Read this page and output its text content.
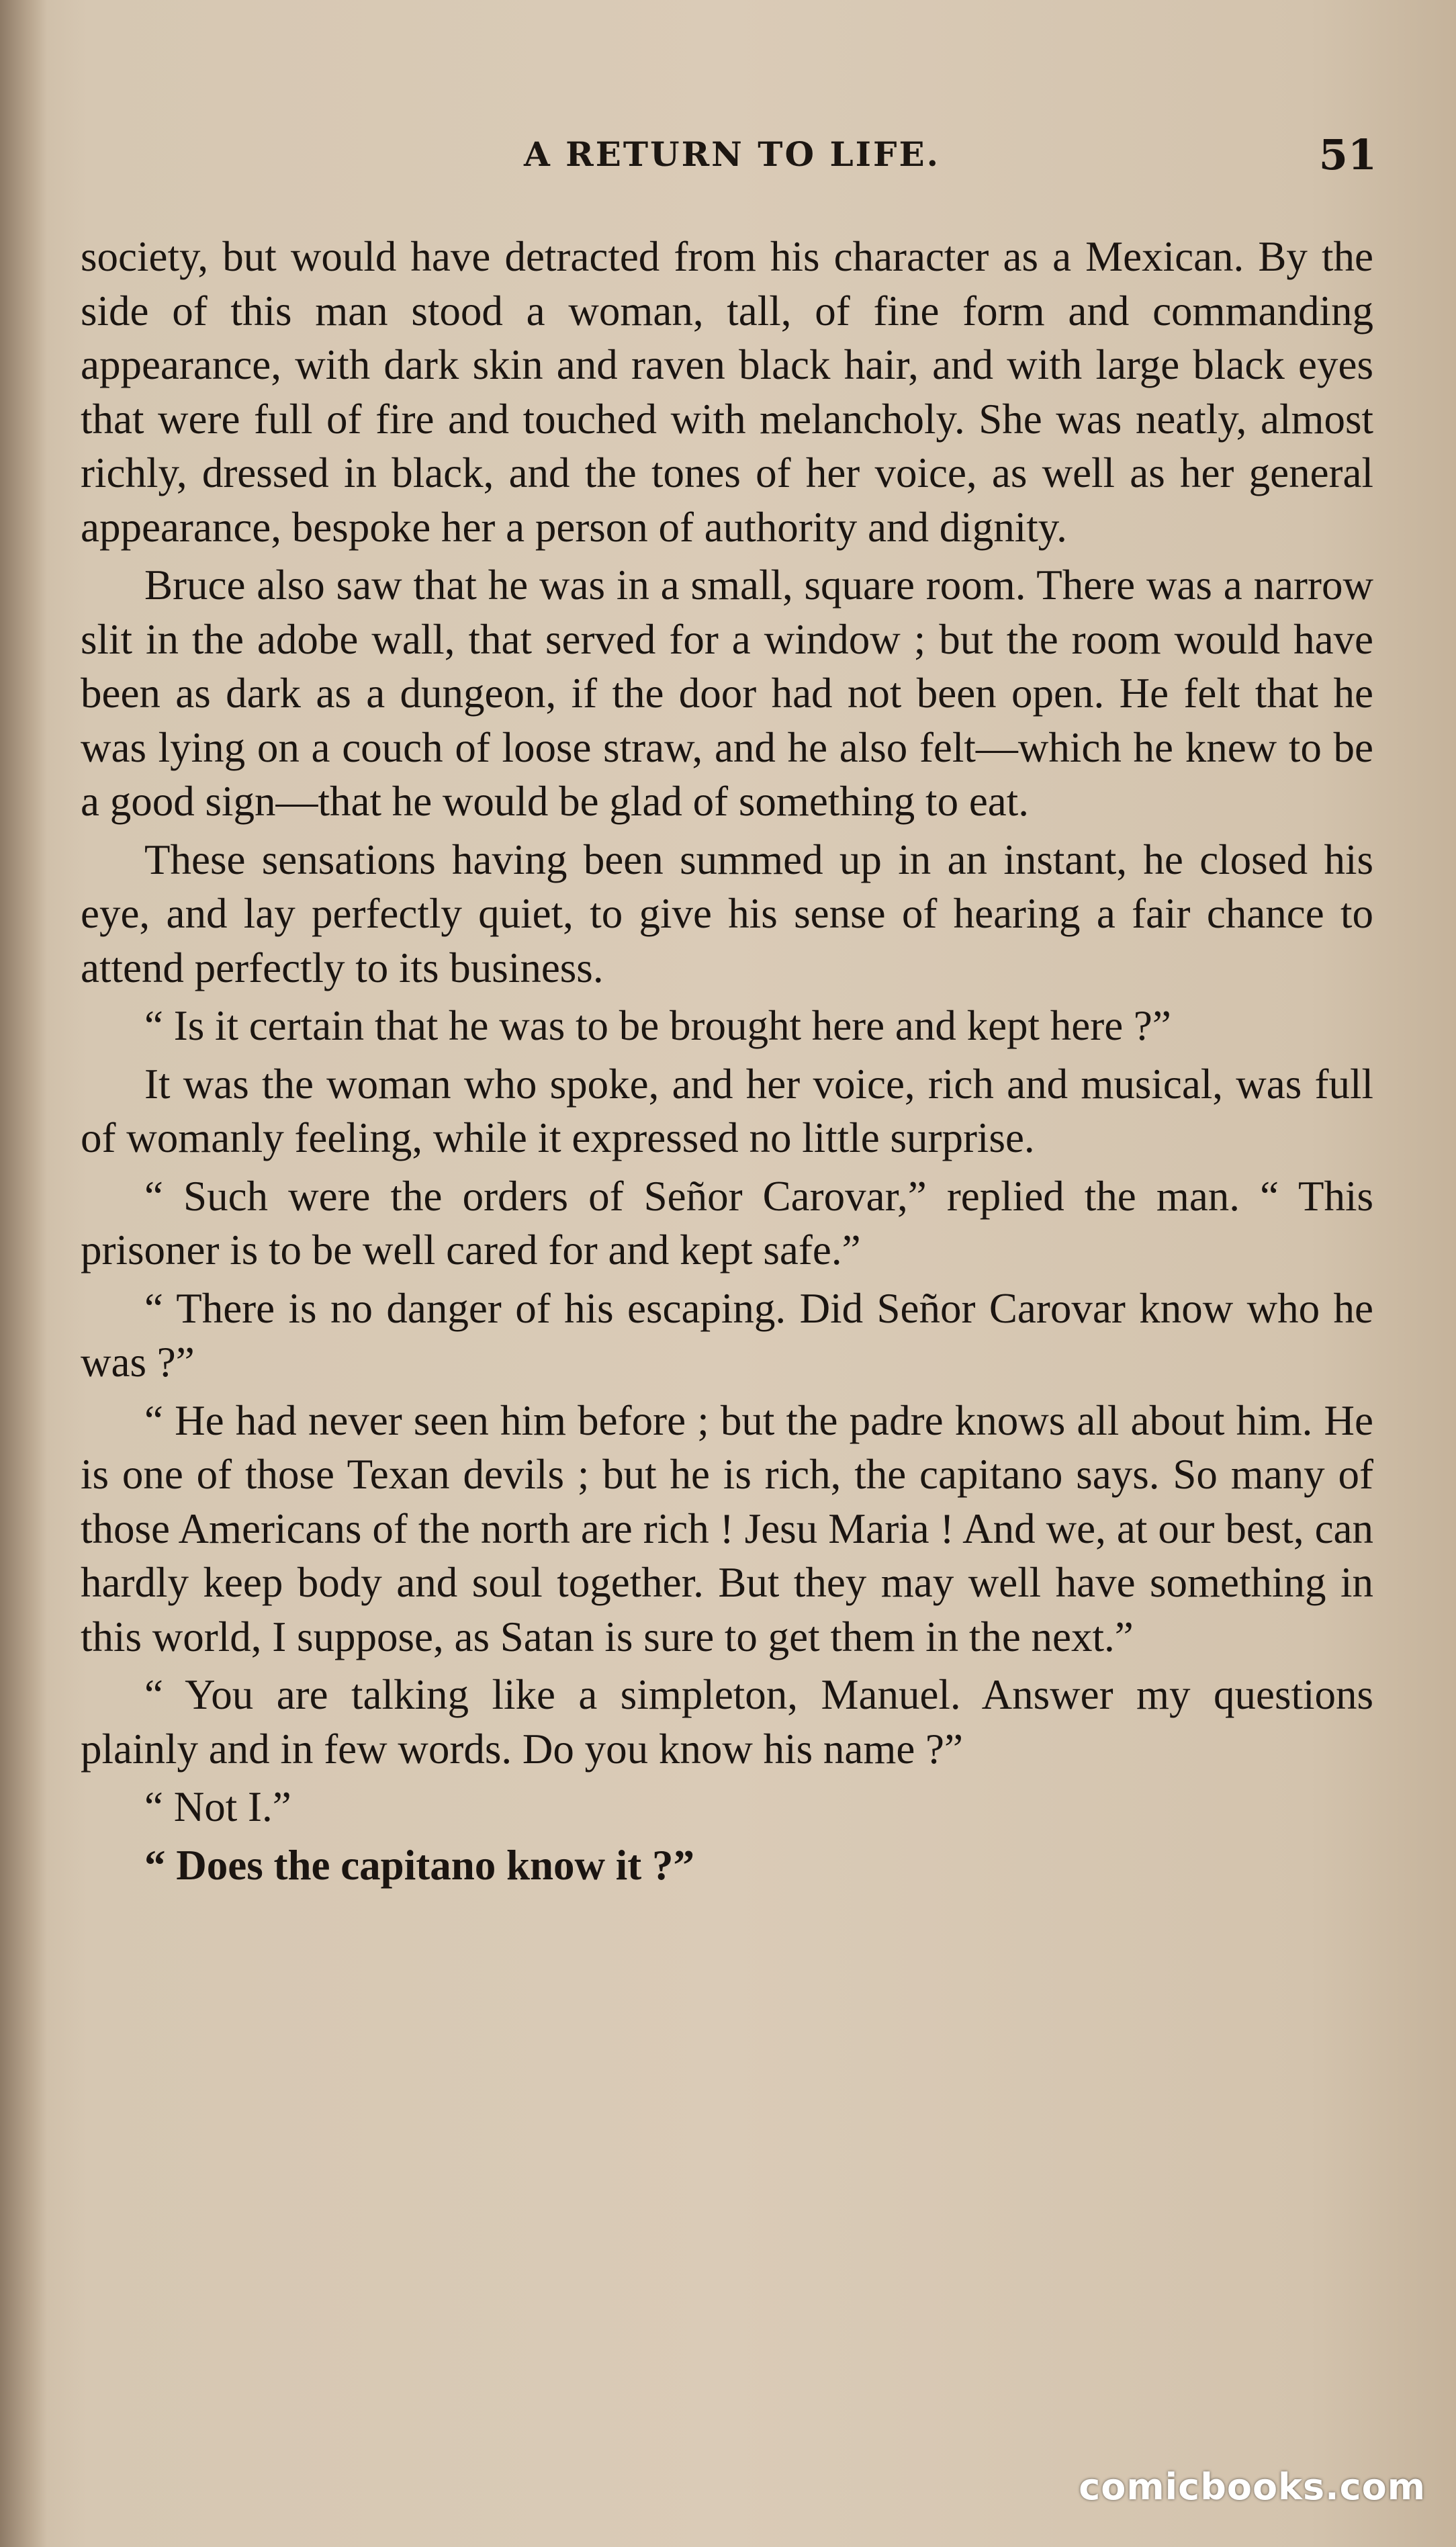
A RETURN TO LIFE.	51

society, but would have detracted from his character as a Mexican. By the side of this man stood a woman, tall, of fine form and commanding appearance, with dark skin and raven black hair, and with large black eyes that were full of fire and touched with melancholy. She was neatly, almost richly, dressed in black, and the tones of her voice, as well as her general appearance, bespoke her a person of authority and dignity.

Bruce also saw that he was in a small, square room. There was a narrow slit in the adobe wall, that served for a window ; but the room would have been as dark as a dungeon, if the door had not been open. He felt that he was lying on a couch of loose straw, and he also felt—which he knew to be a good sign—that he would be glad of something to eat.

These sensations having been summed up in an instant, he closed his eye, and lay perfectly quiet, to give his sense of hearing a fair chance to attend perfectly to its business.

“ Is it certain that he was to be brought here and kept here ?”

It was the woman who spoke, and her voice, rich and musical, was full of womanly feeling, while it expressed no little surprise.

“ Such were the orders of Señor Carovar,” replied the man. “ This prisoner is to be well cared for and kept safe.”

“ There is no danger of his escaping. Did Señor Carovar know who he was ?”

“ He had never seen him before ; but the padre knows all about him. He is one of those Texan devils ; but he is rich, the capitano says. So many of those Americans of the north are rich ! Jesu Maria ! And we, at our best, can hardly keep body and soul together. But they may well have something in this world, I suppose, as Satan is sure to get them in the next.”

“ You are talking like a simpleton, Manuel. Answer my questions plainly and in few words. Do you know his name ?”

“ Not I.”

“ Does the capitano know it ?”

comicbooks.com
